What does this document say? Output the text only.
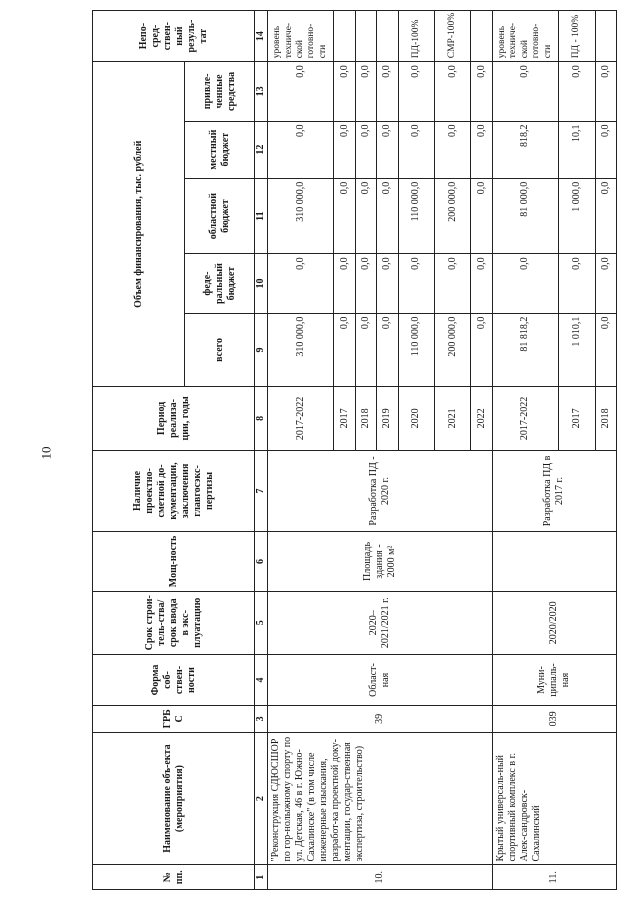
10
№ пп.	Наименование объ-екта (мероприятия)	ГРБ С	Форма соб-ствен-ности	Срок строи-тель-ства/срок ввода в экс-плуатацию	Мощ-ность	Наличие проектно-сметной до-кументации, заключения главгосэкс-пертизы	Период реализа-ции, годы	Объем финансирования, тыс. рублей					Непо-сред-ствен-ный резуль-тат
								всего	феде-ральный бюджет	областной бюджет	местный бюджет	привле-ченные средства	
1	2	3	4	5	6	7	8	9	10	11	12	13	14
10.	"Реконструкция СДЮСШОР по гор-нолыжному спорту по ул. Детская, 46 в г. Южно-Сахалинске" (в том числе инженерные изыскания, разработ-ка проектной доку-ментации, государ-ственная экспертиза, строительство)	39	Област-ная	2020–2021/2021 г.	Площадь здания - 2000 м²	Разработка ПД - 2020 г.	2017-2022	310 000,0	0,0	310 000,0	0,0	0,0	уровень техниче-ской готовно-сти
							2017	0,0	0,0	0,0	0,0	0,0	
							2018	0,0	0,0	0,0	0,0	0,0	
							2019	0,0	0,0	0,0	0,0	0,0	
							2020	110 000,0	0,0	110 000,0	0,0	0,0	ПД-100%
							2021	200 000,0	0,0	200 000,0	0,0	0,0	СМР-100%
							2022	0,0	0,0	0,0	0,0	0,0	
11.	Крытый универсаль-ный спортивный комплекс в г. Алек-сандровск-Сахалинский	039	Муни-ципаль-ная	2020/2020		Разработка ПД в 2017 г.	2017-2022	81 818,2	0,0	81 000,0	818,2	0,0	уровень техниче-ской готовно-сти
							2017	1 010,1	0,0	1 000,0	10,1	0,0	ПД - 100%
							2018	0,0	0,0	0,0	0,0	0,0	
